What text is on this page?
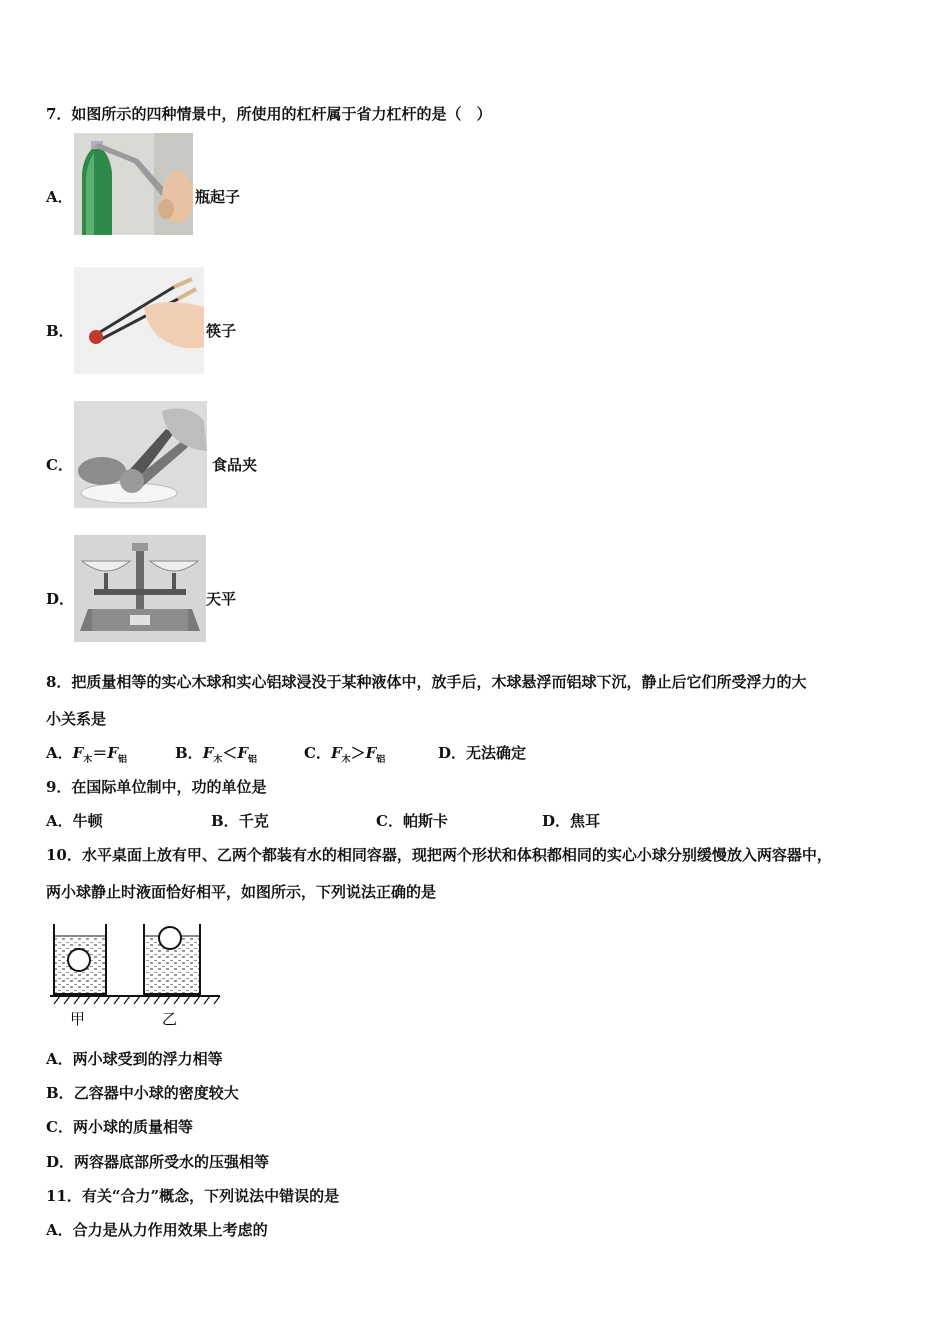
7．如图所示的四种情景中，所使用的杠杆属于省力杠杆的是（　）
A．	瓶起子
B．	筷子
C．	食品夹
D．	天平
8．把质量相等的实心木球和实心铝球浸没于某种液体中，放手后，木球悬浮而铝球下沉，静止后它们所受浮力的大
小关系是
A．$F_木=F_铝$	B．$F_木<F_铝$	C．$F_木>F_铝$	D．无法确定
9．在国际单位制中，功的单位是
A．牛顿	B．千克	C．帕斯卡	D．焦耳
10．水平桌面上放有甲、乙两个都装有水的相同容器，现把两个形状和体积都相同的实心小球分别缓慢放入两容器中，
两小球静止时液面恰好相平，如图所示，下列说法正确的是
甲	乙
A．两小球受到的浮力相等
B．乙容器中小球的密度较大
C．两小球的质量相等
D．两容器底部所受水的压强相等
11．有关“合力”概念，下列说法中错误的是
A．合力是从力作用效果上考虑的
